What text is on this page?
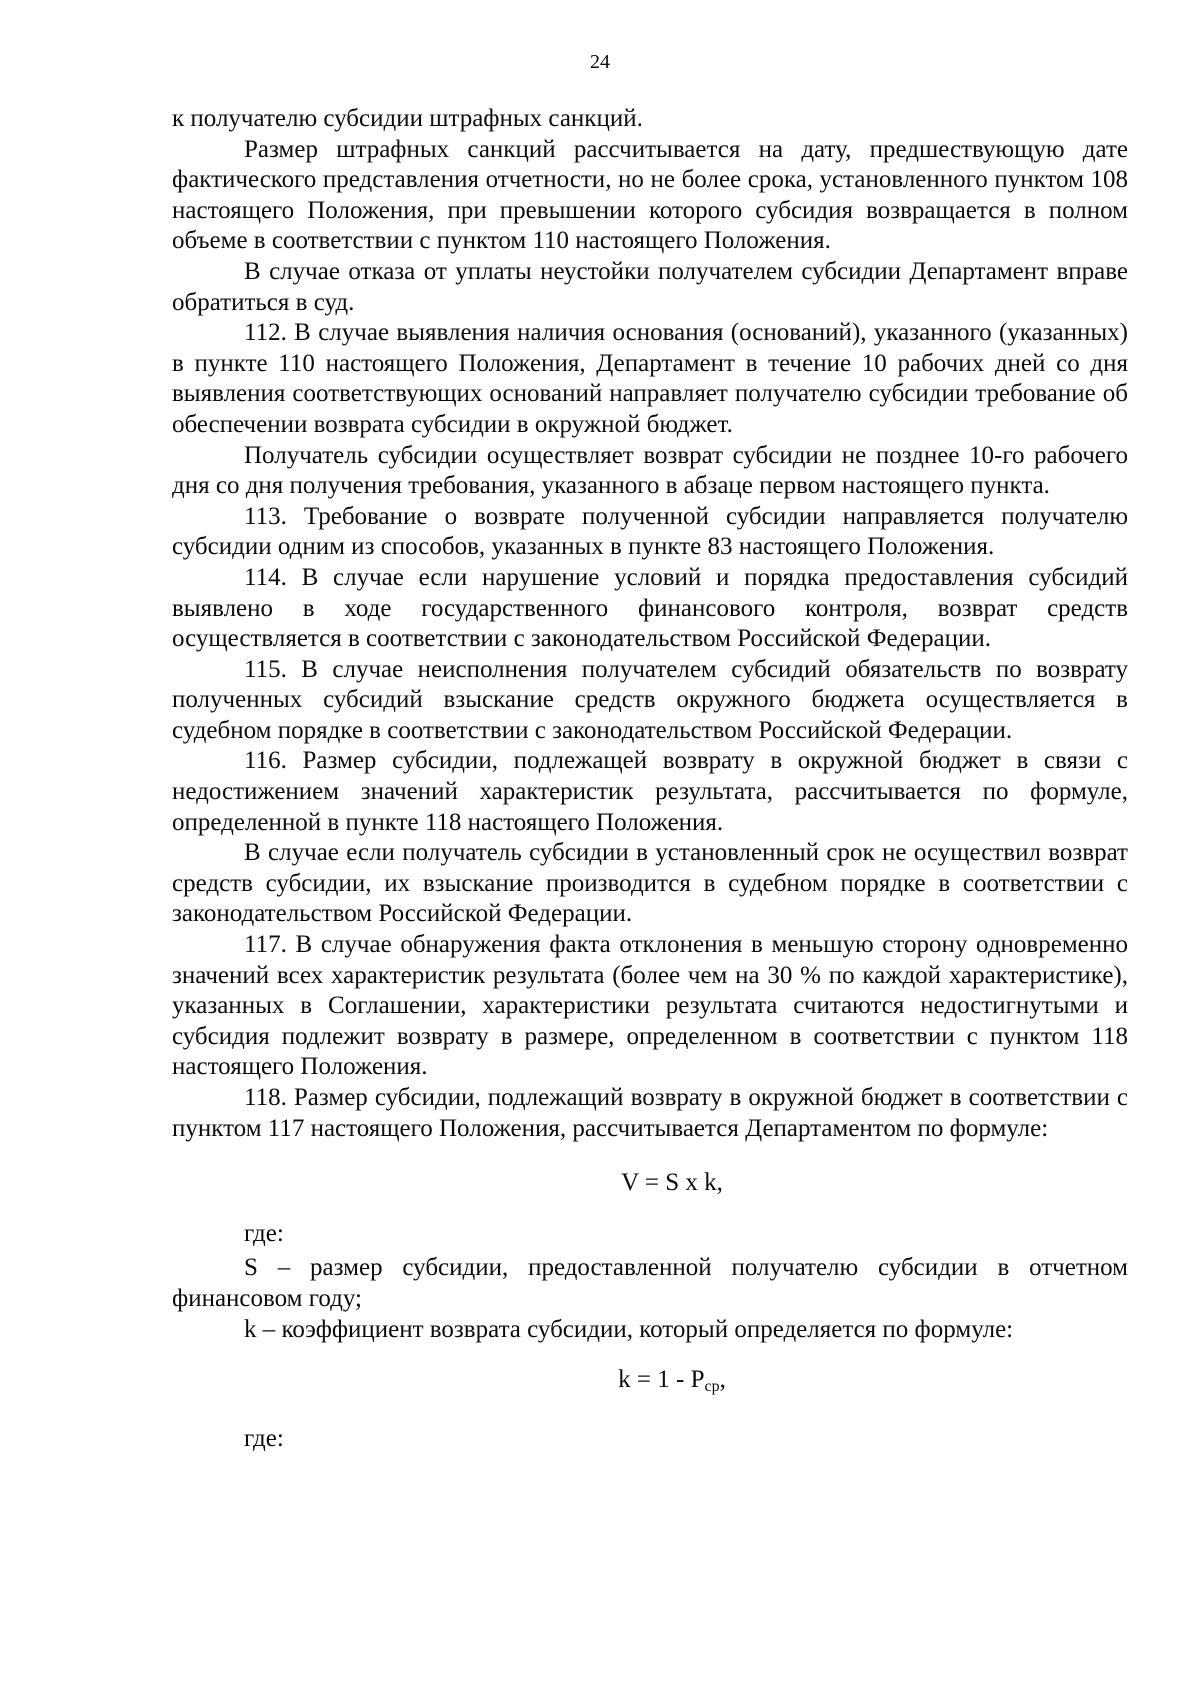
24

к получателю субсидии штрафных санкций.

Размер штрафных санкций рассчитывается на дату, предшествующую дате фактического представления отчетности, но не более срока, установленного пунктом 108 настоящего Положения, при превышении которого субсидия возвращается в полном объеме в соответствии с пунктом 110 настоящего Положения.

В случае отказа от уплаты неустойки получателем субсидии Департамент вправе обратиться в суд.

112. В случае выявления наличия основания (оснований), указанного (указанных) в пункте 110 настоящего Положения, Департамент в течение 10 рабочих дней со дня выявления соответствующих оснований направляет получателю субсидии требование об обеспечении возврата субсидии в окружной бюджет.

Получатель субсидии осуществляет возврат субсидии не позднее 10-го рабочего дня со дня получения требования, указанного в абзаце первом настоящего пункта.

113. Требование о возврате полученной субсидии направляется получателю субсидии одним из способов, указанных в пункте 83 настоящего Положения.

114. В случае если нарушение условий и порядка предоставления субсидий выявлено в ходе государственного финансового контроля, возврат средств осуществляется в соответствии с законодательством Российской Федерации.

115. В случае неисполнения получателем субсидий обязательств по возврату полученных субсидий взыскание средств окружного бюджета осуществляется в судебном порядке в соответствии с законодательством Российской Федерации.

116. Размер субсидии, подлежащей возврату в окружной бюджет в связи с недостижением значений характеристик результата, рассчитывается по формуле, определенной в пункте 118 настоящего Положения.

В случае если получатель субсидии в установленный срок не осуществил возврат средств субсидии, их взыскание производится в судебном порядке в соответствии с законодательством Российской Федерации.

117. В случае обнаружения факта отклонения в меньшую сторону одновременно значений всех характеристик результата (более чем на 30 % по каждой характеристике), указанных в Соглашении, характеристики результата считаются недостигнутыми и субсидия подлежит возврату в размере, определенном в соответствии с пунктом 118 настоящего Положения.

118. Размер субсидии, подлежащий возврату в окружной бюджет в соответствии с пунктом 117 настоящего Положения, рассчитывается Департаментом по формуле:

V = S x k,

где:

S – размер субсидии, предоставленной получателю субсидии в отчетном финансовом году;

k – коэффициент возврата субсидии, который определяется по формуле:

$k = 1 - P_{ср}$,

где:
